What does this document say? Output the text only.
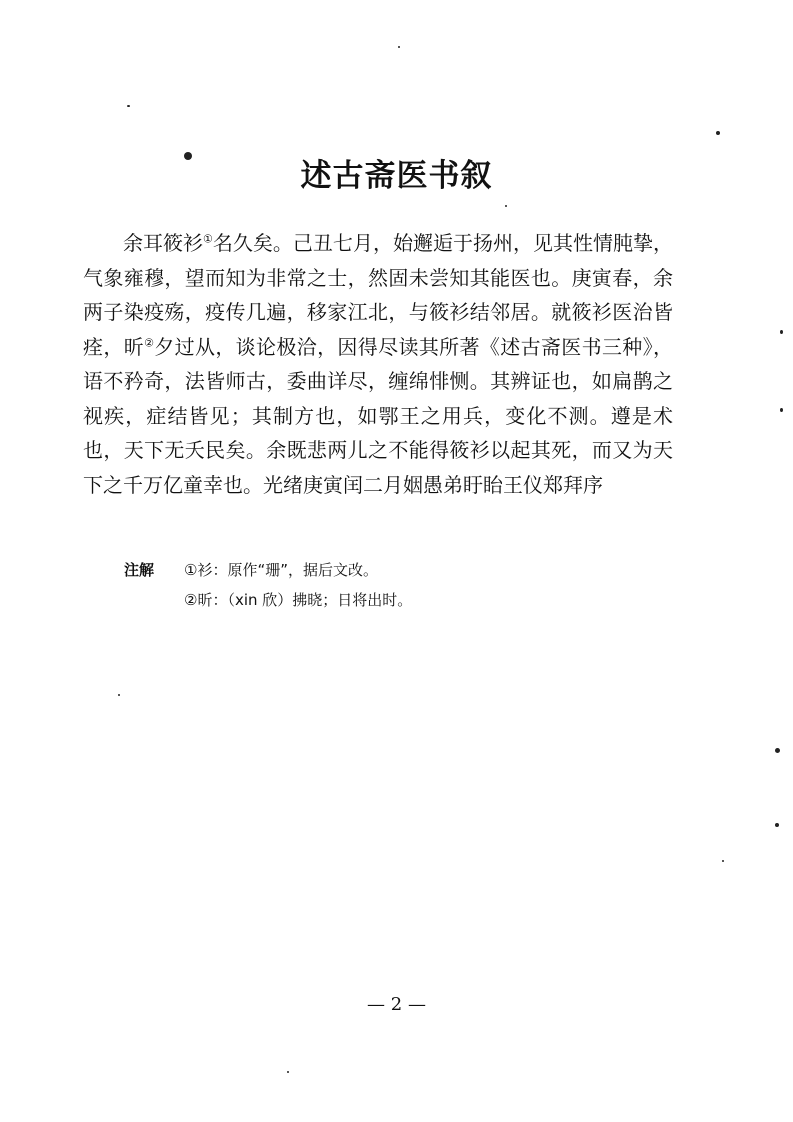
述古斋医书叙

余耳筱衫①名久矣。己丑七月，始邂逅于扬州，见其性情肫挚，气象雍穆，望而知为非常之士，然固未尝知其能医也。庚寅春，余两子染疫殇，疫传几遍，移家江北，与筱衫结邻居。就筱衫医治皆痊，昕②夕过从，谈论极洽，因得尽读其所著《述古斋医书三种》，语不矜奇，法皆师古，委曲详尽，缠绵悱恻。其辨证也，如扁鹊之视疾，症结皆见；其制方也，如鄂王之用兵，变化不测。遵是术也，天下无夭民矣。余既悲两儿之不能得筱衫以起其死，而又为天下之千万亿童幸也。光绪庚寅闰二月姻愚弟盱眙王仪郑拜序

注解	①衫：原作“珊”，据后文改。
②昕：（xin 欣）拂晓；日将出时。
— 2 —
